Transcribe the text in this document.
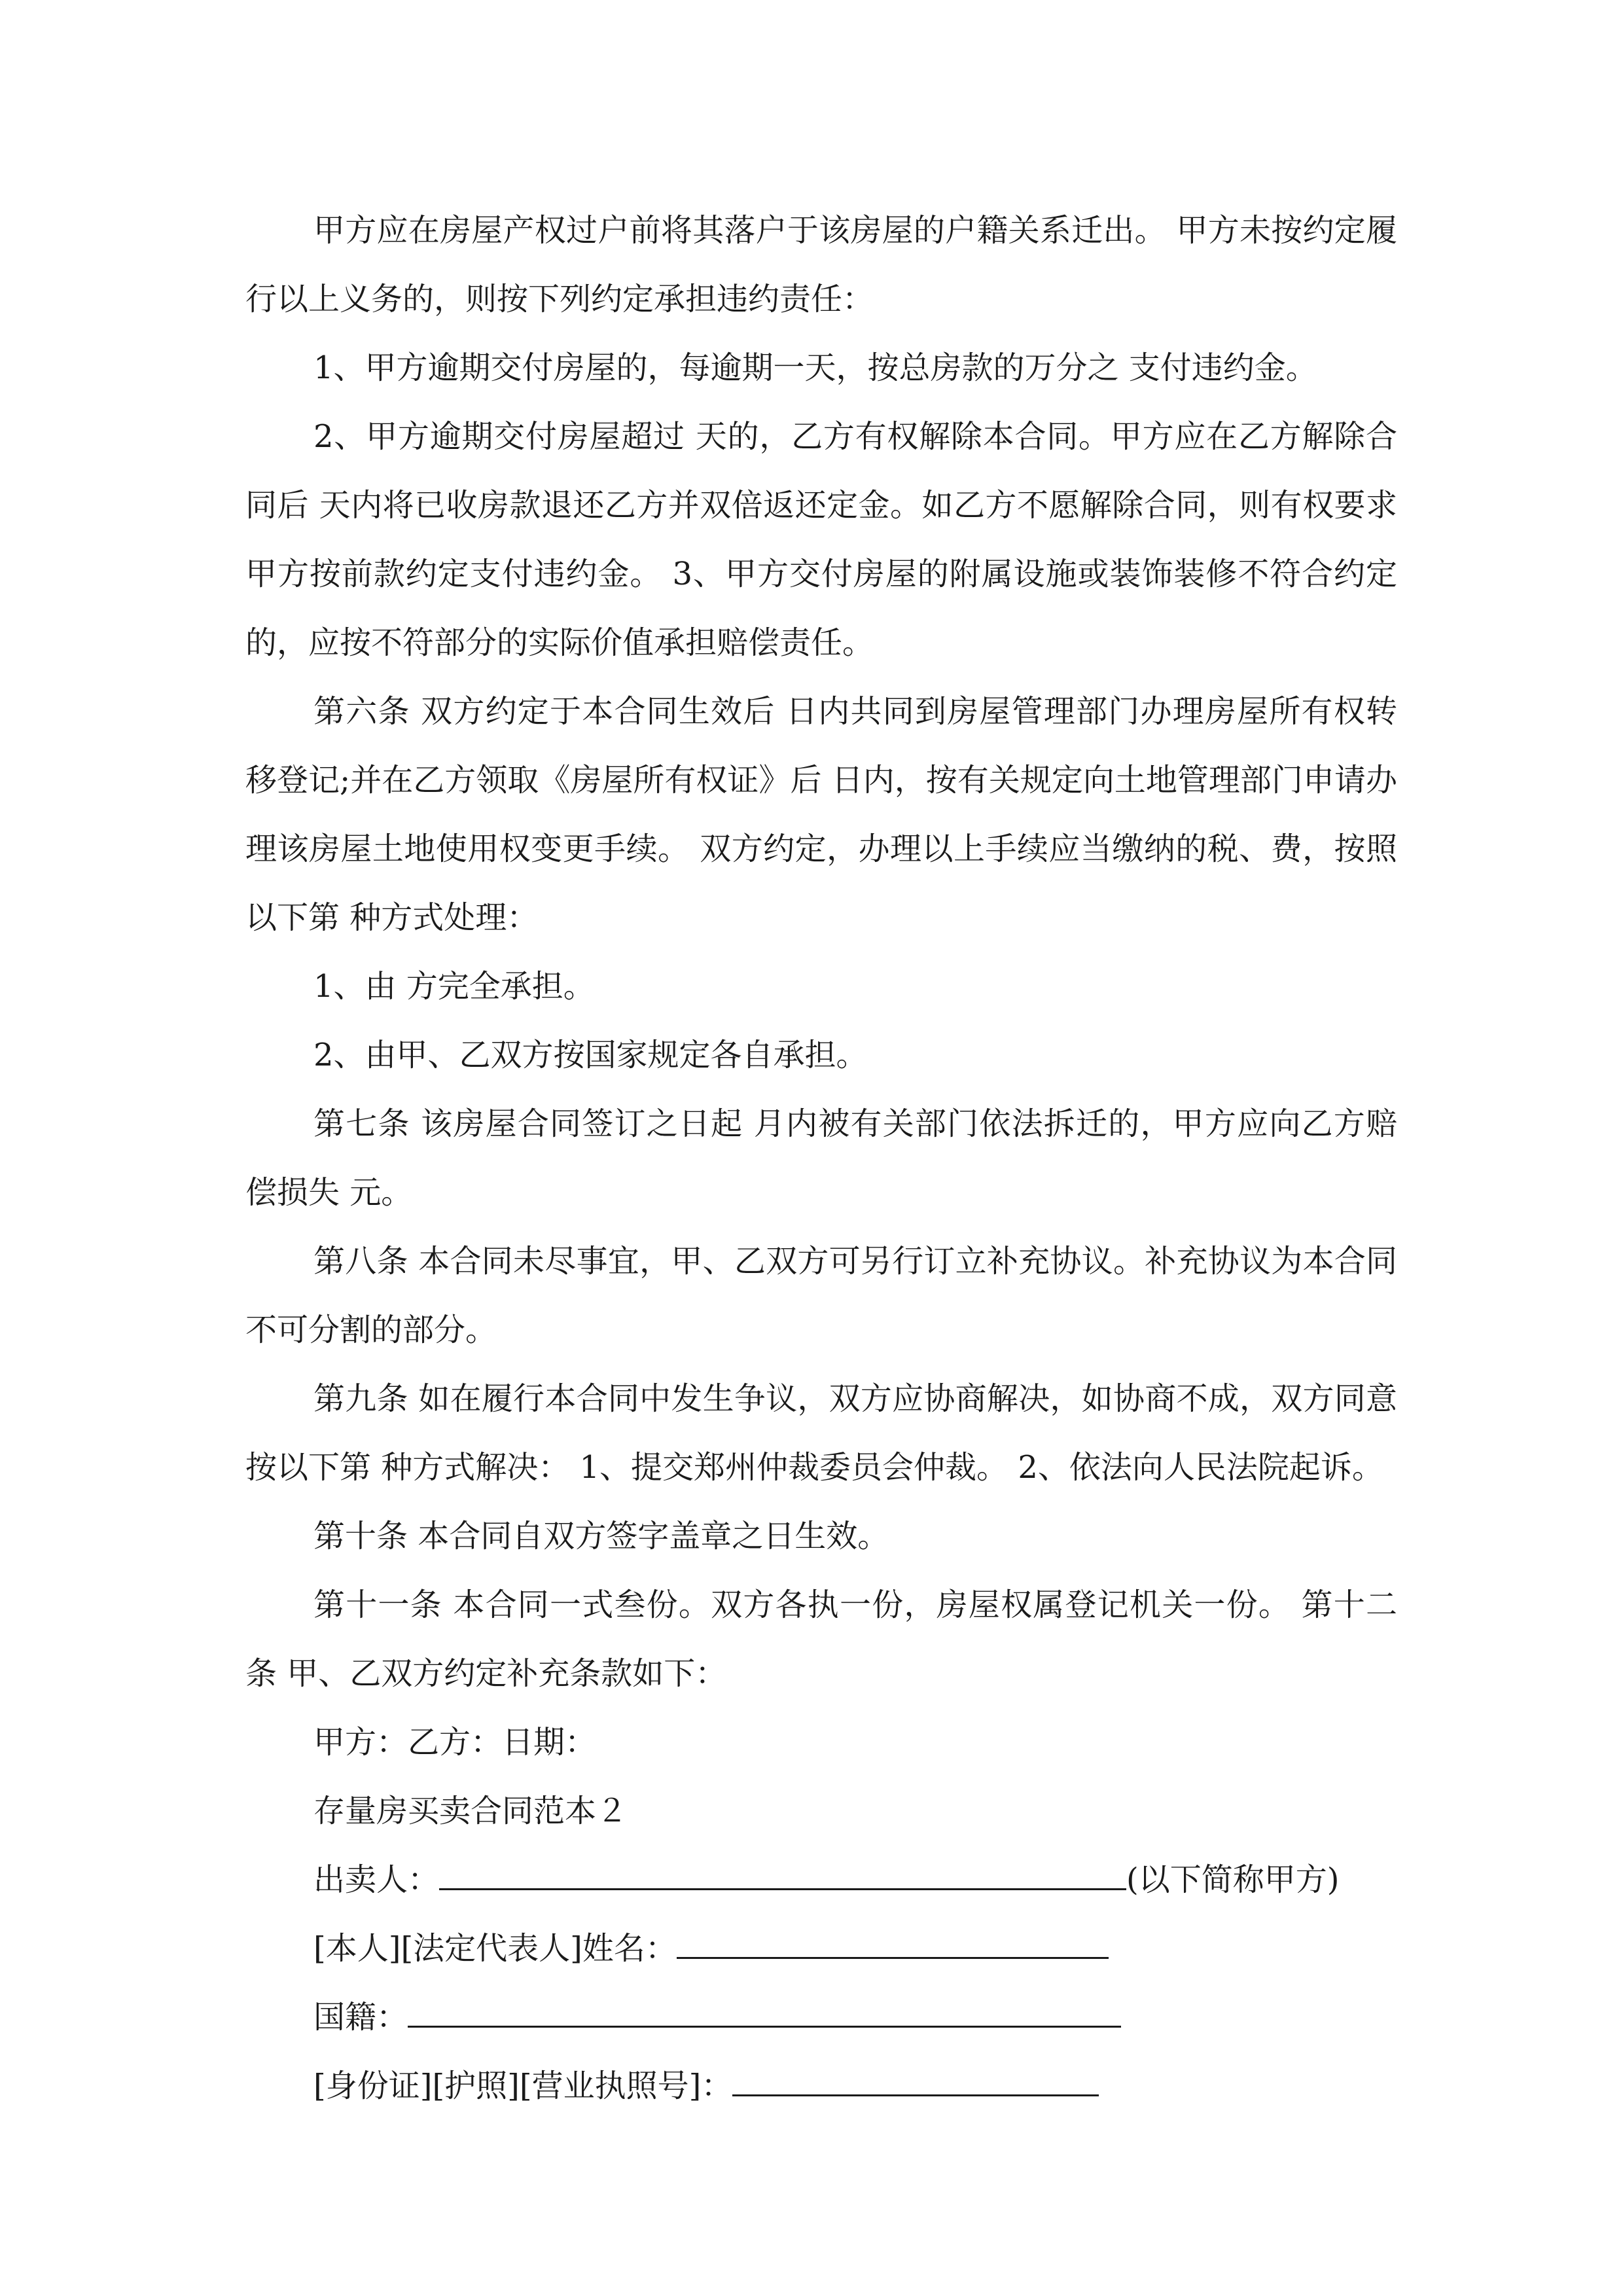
甲方应在房屋产权过户前将其落户于该房屋的户籍关系迁出。 甲方未按约定履行以上义务的，则按下列约定承担违约责任：

1、甲方逾期交付房屋的，每逾期一天，按总房款的万分之 支付违约金。

2、甲方逾期交付房屋超过 天的，乙方有权解除本合同。甲方应在乙方解除合同后 天内将已收房款退还乙方并双倍返还定金。如乙方不愿解除合同，则有权要求甲方按前款约定支付违约金。 3、甲方交付房屋的附属设施或装饰装修不符合约定的，应按不符部分的实际价值承担赔偿责任。

第六条 双方约定于本合同生效后 日内共同到房屋管理部门办理房屋所有权转移登记;并在乙方领取《房屋所有权证》后 日内，按有关规定向土地管理部门申请办理该房屋土地使用权变更手续。 双方约定，办理以上手续应当缴纳的税、费，按照以下第 种方式处理：

1、由 方完全承担。

2、由甲、乙双方按国家规定各自承担。

第七条 该房屋合同签订之日起 月内被有关部门依法拆迁的，甲方应向乙方赔偿损失 元。

第八条 本合同未尽事宜，甲、乙双方可另行订立补充协议。补充协议为本合同不可分割的部分。

第九条 如在履行本合同中发生争议，双方应协商解决，如协商不成，双方同意按以下第 种方式解决： 1、提交郑州仲裁委员会仲裁。 2、依法向人民法院起诉。

第十条 本合同自双方签字盖章之日生效。

第十一条 本合同一式叁份。双方各执一份，房屋权属登记机关一份。 第十二条 甲、乙双方约定补充条款如下：

甲方：乙方：日期：

存量房买卖合同范本２

出卖人：	(以下简称甲方)

[本人][法定代表人]姓名：

国籍：

[身份证][护照][营业执照号]：
